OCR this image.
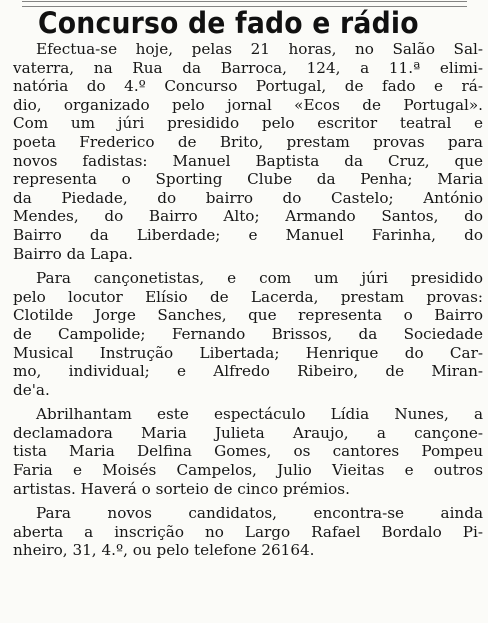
Concurso de fado e rádio

Efectua-se hoje, pelas 21 horas, no Salão Sal-
vaterra, na Rua da Barroca, 124, a 11.ª elimi-
natória do 4.º Concurso Portugal, de fado e rá-
dio, organizado pelo jornal «Ecos de Portugal».
Com um júri presidido pelo escritor teatral e
poeta Frederico de Brito, prestam provas para
novos fadistas: Manuel Baptista da Cruz, que
representa o Sporting Clube da Penha; Maria
da Piedade, do bairro do Castelo; António
Mendes, do Bairro Alto; Armando Santos, do
Bairro da Liberdade; e Manuel Farinha, do
Bairro da Lapa.

Para cançonetistas, e com um júri presidido
pelo locutor Elísio de Lacerda, prestam provas:
Clotilde Jorge Sanches, que representa o Bairro
de Campolide; Fernando Brissos, da Sociedade
Musical Instrução Libertada; Henrique do Car-
mo, individual; e Alfredo Ribeiro, de Miran-
de'a.

Abrilhantam este espectáculo Lídia Nunes, a
declamadora Maria Julieta Araujo, a cançone-
tista Maria Delfina Gomes, os cantores Pompeu
Faria e Moisés Campelos, Julio Vieitas e outros
artistas. Haverá o sorteio de cinco prémios.

Para novos candidatos, encontra-se ainda
aberta a inscrição no Largo Rafael Bordalo Pi-
nheiro, 31, 4.º, ou pelo telefone 26164.
